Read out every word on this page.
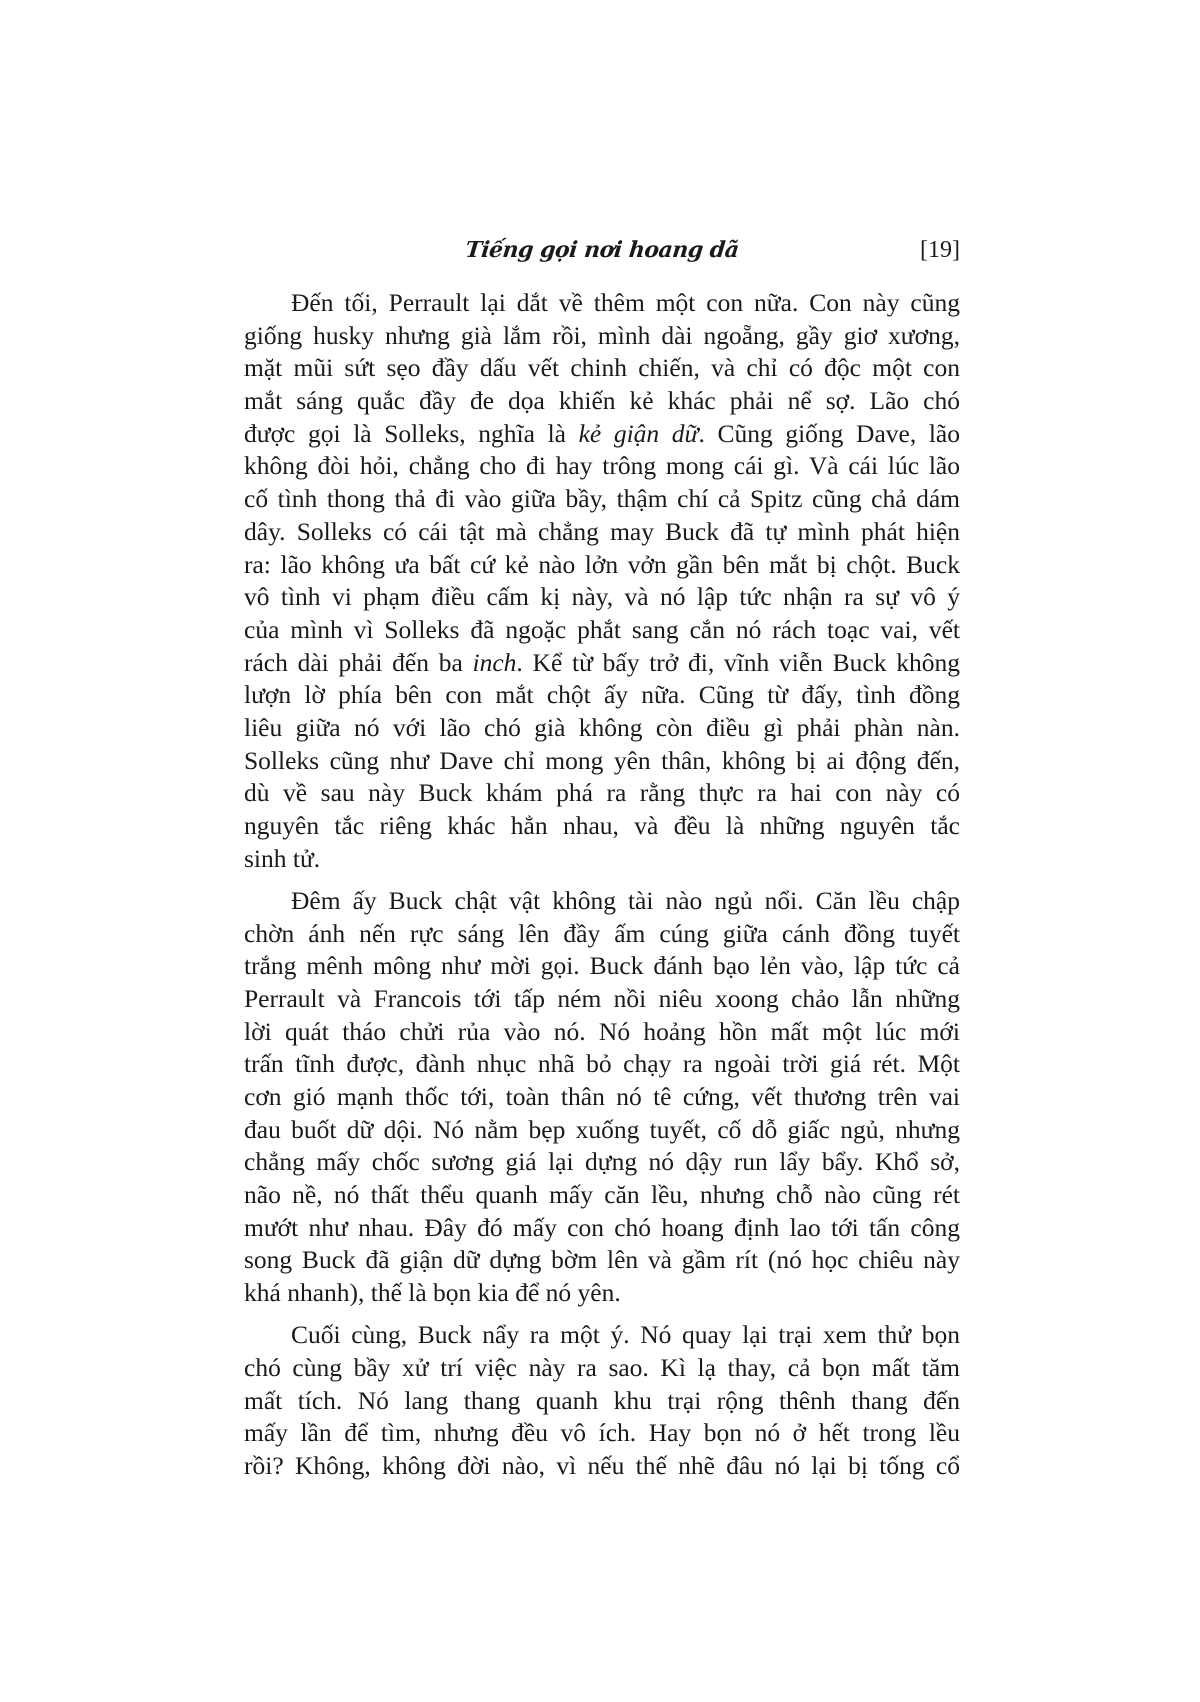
Tiếng gọi nơi hoang dã	[19]
Đến tối, Perrault lại dắt về thêm một con nữa. Con này cũng
giống husky nhưng già lắm rồi, mình dài ngoẵng, gầy giơ xương,
mặt mũi sứt sẹo đầy dấu vết chinh chiến, và chỉ có độc một con
mắt sáng quắc đầy đe dọa khiến kẻ khác phải nể sợ. Lão chó
được gọi là Solleks, nghĩa là kẻ giận dữ. Cũng giống Dave, lão
không đòi hỏi, chẳng cho đi hay trông mong cái gì. Và cái lúc lão
cố tình thong thả đi vào giữa bầy, thậm chí cả Spitz cũng chả dám
dây. Solleks có cái tật mà chẳng may Buck đã tự mình phát hiện
ra: lão không ưa bất cứ kẻ nào lởn vởn gần bên mắt bị chột. Buck
vô tình vi phạm điều cấm kị này, và nó lập tức nhận ra sự vô ý
của mình vì Solleks đã ngoặc phắt sang cắn nó rách toạc vai, vết
rách dài phải đến ba inch. Kể từ bấy trở đi, vĩnh viễn Buck không
lượn lờ phía bên con mắt chột ấy nữa. Cũng từ đấy, tình đồng
liêu giữa nó với lão chó già không còn điều gì phải phàn nàn.
Solleks cũng như Dave chỉ mong yên thân, không bị ai động đến,
dù về sau này Buck khám phá ra rằng thực ra hai con này có
nguyên tắc riêng khác hẳn nhau, và đều là những nguyên tắc
sinh tử.
Đêm ấy Buck chật vật không tài nào ngủ nổi. Căn lều chập
chờn ánh nến rực sáng lên đầy ấm cúng giữa cánh đồng tuyết
trắng mênh mông như mời gọi. Buck đánh bạo lẻn vào, lập tức cả
Perrault và Francois tới tấp ném nồi niêu xoong chảo lẫn những
lời quát tháo chửi rủa vào nó. Nó hoảng hồn mất một lúc mới
trấn tĩnh được, đành nhục nhã bỏ chạy ra ngoài trời giá rét. Một
cơn gió mạnh thốc tới, toàn thân nó tê cứng, vết thương trên vai
đau buốt dữ dội. Nó nằm bẹp xuống tuyết, cố dỗ giấc ngủ, nhưng
chẳng mấy chốc sương giá lại dựng nó dậy run lẩy bẩy. Khổ sở,
não nề, nó thất thểu quanh mấy căn lều, nhưng chỗ nào cũng rét
mướt như nhau. Đây đó mấy con chó hoang định lao tới tấn công
song Buck đã giận dữ dựng bờm lên và gầm rít (nó học chiêu này
khá nhanh), thế là bọn kia để nó yên.
Cuối cùng, Buck nẩy ra một ý. Nó quay lại trại xem thử bọn
chó cùng bầy xử trí việc này ra sao. Kì lạ thay, cả bọn mất tăm
mất tích. Nó lang thang quanh khu trại rộng thênh thang đến
mấy lần để tìm, nhưng đều vô ích. Hay bọn nó ở hết trong lều
rồi? Không, không đời nào, vì nếu thế nhẽ đâu nó lại bị tống cổ
